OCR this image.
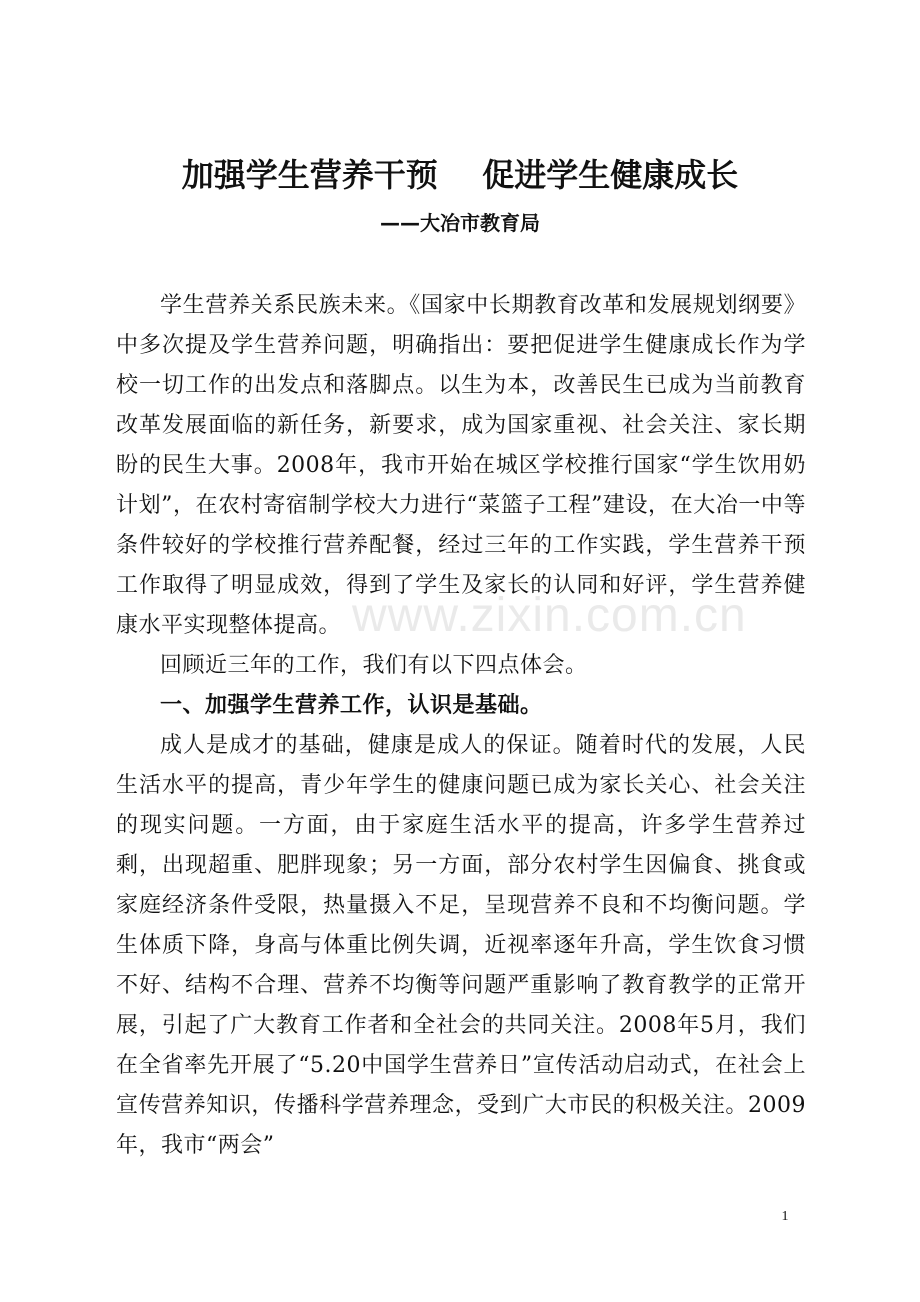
加强学生营养干预    促进学生健康成长
——大冶市教育局

学生营养关系民族未来。《国家中长期教育改革和发展规划纲要》中多次提及学生营养问题，明确指出：要把促进学生健康成长作为学校一切工作的出发点和落脚点。以生为本，改善民生已成为当前教育改革发展面临的新任务，新要求，成为国家重视、社会关注、家长期盼的民生大事。2008年，我市开始在城区学校推行国家“学生饮用奶计划”，在农村寄宿制学校大力进行“菜篮子工程”建设，在大冶一中等条件较好的学校推行营养配餐，经过三年的工作实践，学生营养干预工作取得了明显成效，得到了学生及家长的认同和好评，学生营养健康水平实现整体提高。

回顾近三年的工作，我们有以下四点体会。

一、加强学生营养工作，认识是基础。

成人是成才的基础，健康是成人的保证。随着时代的发展，人民生活水平的提高，青少年学生的健康问题已成为家长关心、社会关注的现实问题。一方面，由于家庭生活水平的提高，许多学生营养过剩，出现超重、肥胖现象；另一方面，部分农村学生因偏食、挑食或家庭经济条件受限，热量摄入不足，呈现营养不良和不均衡问题。学生体质下降，身高与体重比例失调，近视率逐年升高，学生饮食习惯不好、结构不合理、营养不均衡等问题严重影响了教育教学的正常开展，引起了广大教育工作者和全社会的共同关注。2008年5月，我们在全省率先开展了“5.20中国学生营养日”宣传活动启动式，在社会上宣传营养知识，传播科学营养理念，受到广大市民的积极关注。2009年，我市“两会”

www.zixin.com.cn
1
